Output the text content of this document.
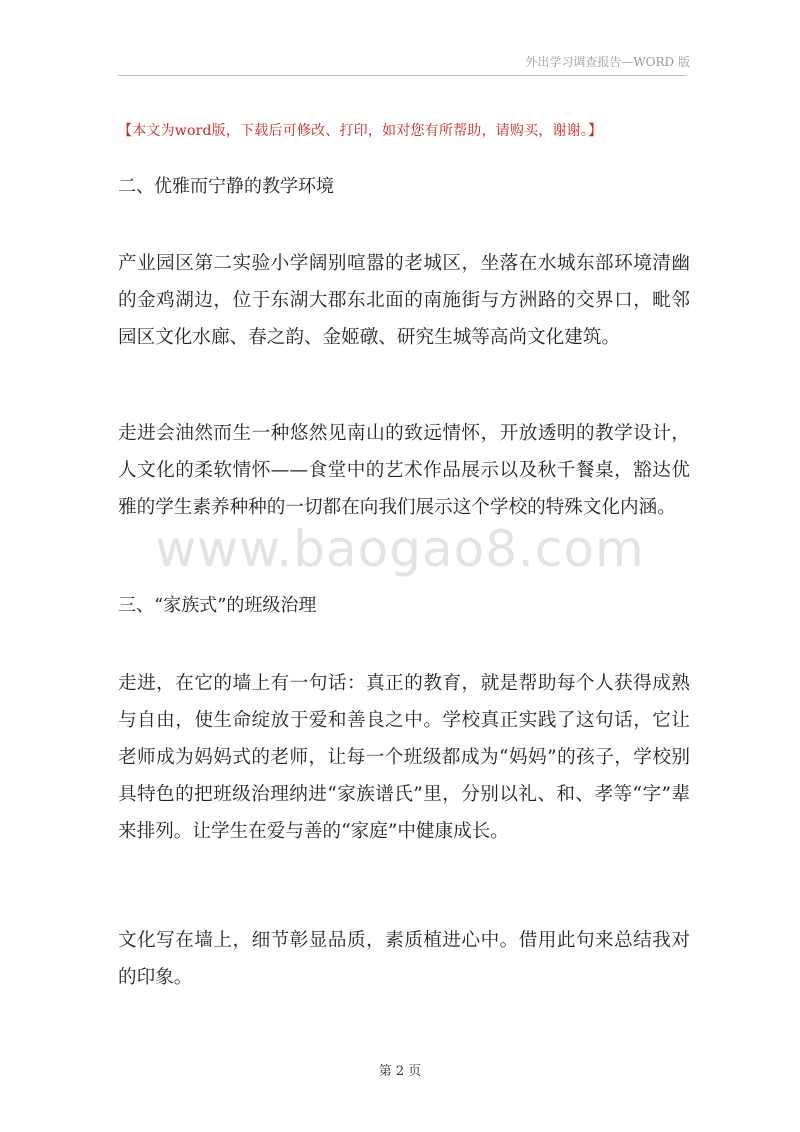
外出学习调查报告—WORD 版
【本文为word版，下载后可修改、打印，如对您有所帮助，请购买，谢谢。】
二、优雅而宁静的教学环境
产业园区第二实验小学阔别喧嚣的老城区，坐落在水城东部环境清幽的金鸡湖边，位于东湖大郡东北面的南施街与方洲路的交界口，毗邻园区文化水廊、春之韵、金姬礅、研究生城等高尚文化建筑。
走进会油然而生一种悠然见南山的致远情怀，开放透明的教学设计，人文化的柔软情怀——食堂中的艺术作品展示以及秋千餐桌，豁达优雅的学生素养种种的一切都在向我们展示这个学校的特殊文化内涵。
www.baogao8.com
三、“家族式”的班级治理
走进，在它的墙上有一句话：真正的教育，就是帮助每个人获得成熟与自由，使生命绽放于爱和善良之中。学校真正实践了这句话，它让老师成为妈妈式的老师，让每一个班级都成为“妈妈”的孩子，学校别具特色的把班级治理纳进“家族谱氏”里，分别以礼、和、孝等“字”辈来排列。让学生在爱与善的“家庭”中健康成长。
文化写在墙上，细节彰显品质，素质植进心中。借用此句来总结我对的印象。
第 2 页
